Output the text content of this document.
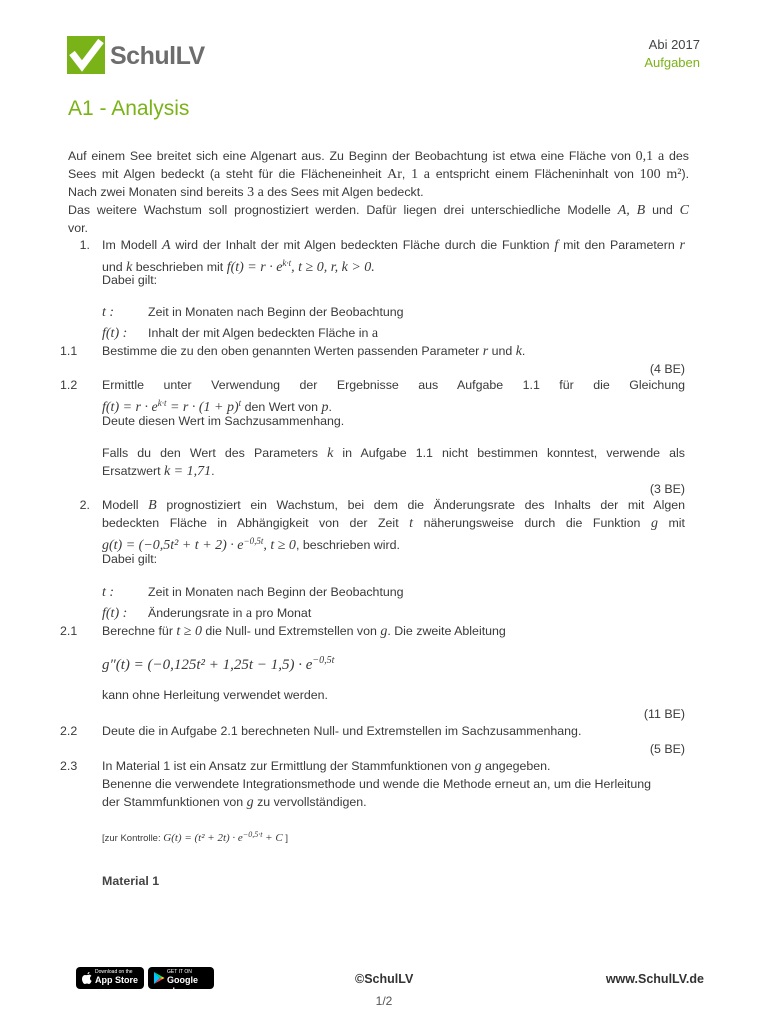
SchulLV	Abi 2017
Aufgaben
A1 - Analysis
Auf einem See breitet sich eine Algenart aus. Zu Beginn der Beobachtung ist etwa eine Fläche von 0,1 a des
Sees mit Algen bedeckt (a steht für die Flächeneinheit Ar, 1 a entspricht einem Flächeninhalt von 100 m²).
Nach zwei Monaten sind bereits 3 a des Sees mit Algen bedeckt.
Das weitere Wachstum soll prognostiziert werden. Dafür liegen drei unterschiedliche Modelle A, B und C
vor.
1. Im Modell A wird der Inhalt der mit Algen bedeckten Fläche durch die Funktion f mit den Parametern r
und k beschrieben mit $f(t) = r \cdot e^{k\cdot t}$, t ≥ 0, r, k > 0.
Dabei gilt:
t :	Zeit in Monaten nach Beginn der Beobachtung
f(t) : Inhalt der mit Algen bedeckten Fläche in a
1.1	Bestimme die zu den oben genannten Werten passenden Parameter r und k.
(4 BE)
1.2	Ermittle unter Verwendung der Ergebnisse aus Aufgabe 1.1 für die Gleichung
$f(t) = r \cdot e^{k\cdot t} = r \cdot (1 + p)^t$ den Wert von p.
Deute diesen Wert im Sachzusammenhang.
Falls du den Wert des Parameters k in Aufgabe 1.1 nicht bestimmen konntest, verwende als
Ersatzwert k = 1,71.
(3 BE)
2. Modell B prognostiziert ein Wachstum, bei dem die Änderungsrate des Inhalts der mit Algen
bedeckten Fläche in Abhängigkeit von der Zeit t näherungsweise durch die Funktion g mit
$g(t) = (-0,5t^2 + t + 2) \cdot e^{-0,5t}$, t ≥ 0, beschrieben wird.
Dabei gilt:
t :	Zeit in Monaten nach Beginn der Beobachtung
f(t) : Änderungsrate in a pro Monat
2.1	Berechne für t ≥ 0 die Null- und Extremstellen von g. Die zweite Ableitung
$g''(t) = (-0,125t^2 + 1,25t - 1,5) \cdot e^{-0,5t}$
kann ohne Herleitung verwendet werden.
(11 BE)
2.2	Deute die in Aufgabe 2.1 berechneten Null- und Extremstellen im Sachzusammenhang.
(5 BE)
2.3	In Material 1 ist ein Ansatz zur Ermittlung der Stammfunktionen von g angegeben.
Benenne die verwendete Integrationsmethode und wende die Methode erneut an, um die Herleitung
der Stammfunktionen von g zu vervollständigen.
[zur Kontrolle: $G(t) = (t^2 + 2t) \cdot e^{-0,5\cdot t} + C$ ]
Material 1
Download on the
App Store
GET IT ON
Google play
©SchulLV	www.SchulLV.de
1/2
